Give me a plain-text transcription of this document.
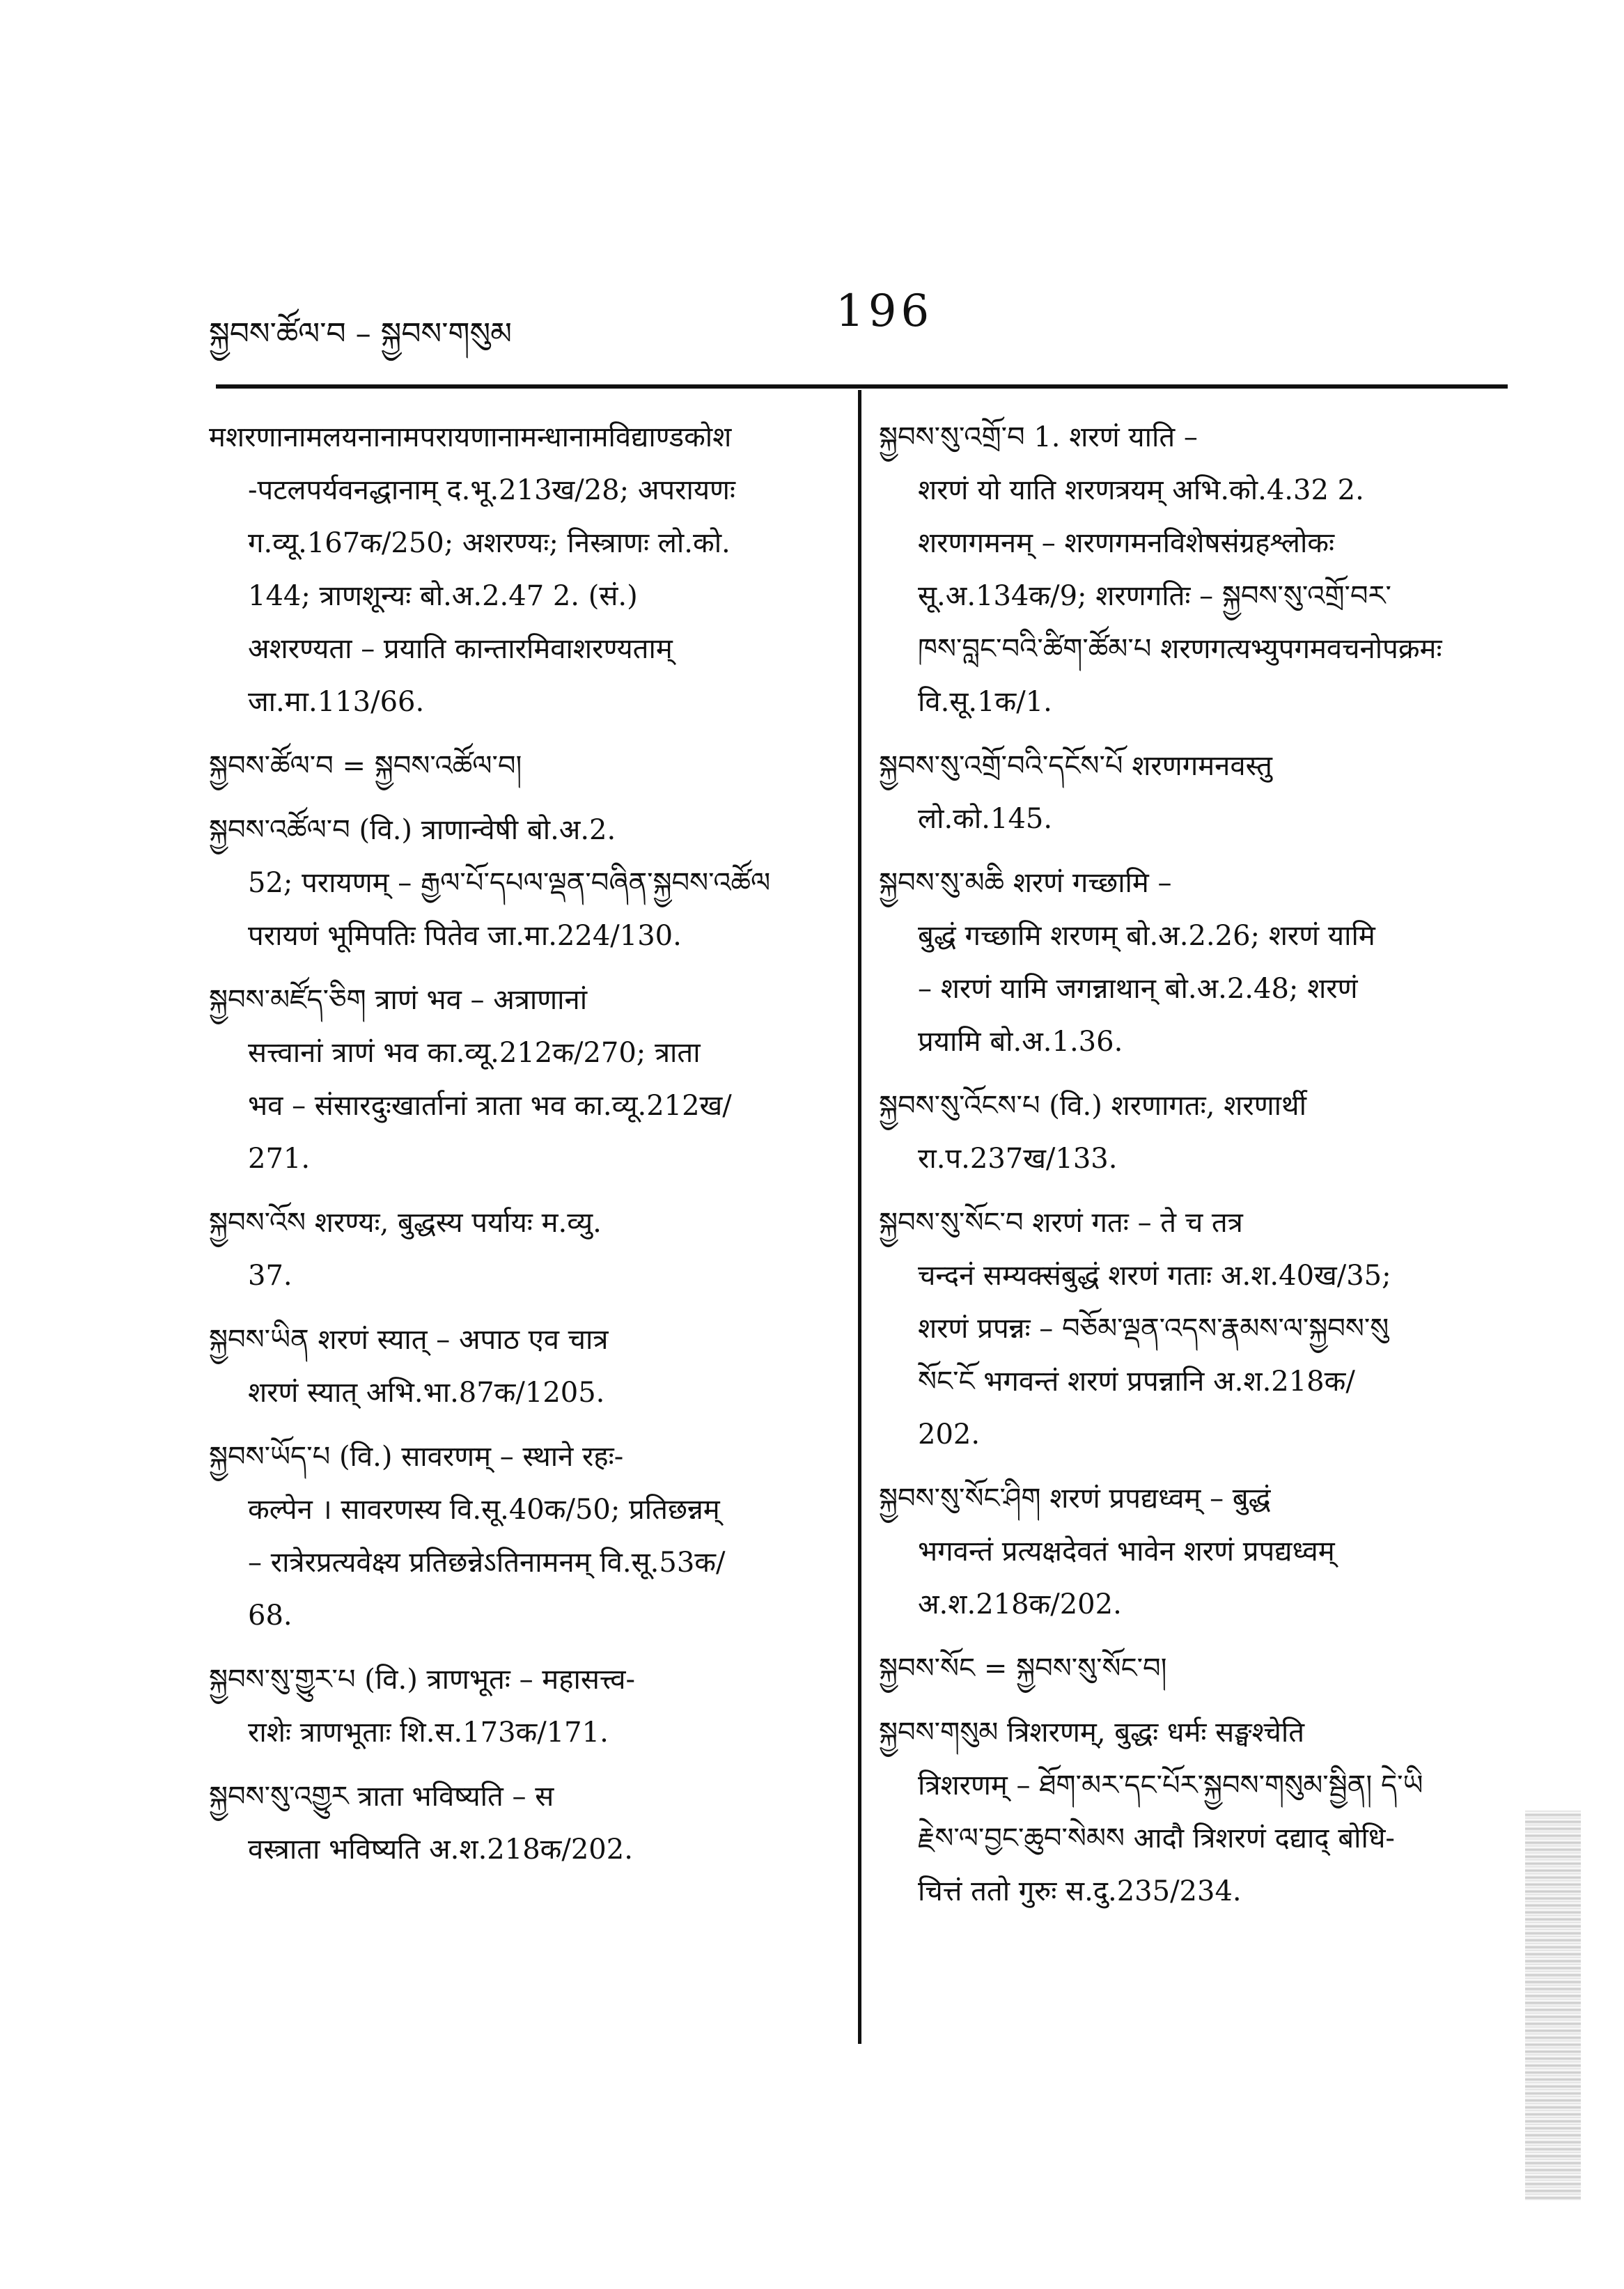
སྐྱབས་ཚོལ་བ – སྐྱབས་གསུམ	196
मशरणानामलयनानामपरायणानामन्धानामविद्याण्डकोश
-पटलपर्यवनद्धानाम् द.भू.213ख/28; अपरायणः
ग.व्यू.167क/250; अशरण्यः; निस्त्राणः लो.को.
144; त्राणशून्यः बो.अ.2.47 2. (सं.)
अशरण्यता – प्रयाति कान्तारमिवाशरण्यताम्
जा.मा.113/66.
སྐྱབས་ཚོལ་བ = སྐྱབས་འཚོལ་བ།
སྐྱབས་འཚོལ་བ (वि.) त्राणान्वेषी बो.अ.2.
52; परायणम् – རྒྱལ་པོ་དཔལ་ལྡན་བཞིན་སྐྱབས་འཚོལ
परायणं भूमिपतिः पितेव जा.मा.224/130.
སྐྱབས་མཛོད་ཅིག त्राणं भव – अत्राणानां
सत्त्वानां त्राणं भव का.व्यू.212क/270; त्राता
भव – संसारदुःखार्तानां त्राता भव का.व्यू.212ख/
271.
སྐྱབས་འོས शरण्यः, बुद्धस्य पर्यायः म.व्यु.
37.
སྐྱབས་ཡིན शरणं स्यात् – अपाठ एव चात्र
शरणं स्यात् अभि.भा.87क/1205.
སྐྱབས་ཡོད་པ (वि.) सावरणम् – स्थाने रहः-
कल्पेन । सावरणस्य वि.सू.40क/50; प्रतिछन्नम्
– रात्रेरप्रत्यवेक्ष्य प्रतिछन्नेऽतिनामनम् वि.सू.53क/
68.
སྐྱབས་སུ་གྱུར་པ (वि.) त्राणभूतः – महासत्त्व-
राशेः त्राणभूताः शि.स.173क/171.
སྐྱབས་སུ་འགྱུར त्राता भविष्यति – स
वस्त्राता भविष्यति अ.श.218क/202.
སྐྱབས་སུ་འགྲོ་བ 1. शरणं याति –
शरणं यो याति शरणत्रयम् अभि.को.4.32 2.
शरणगमनम् – शरणगमनविशेषसंग्रहश्लोकः
सू.अ.134क/9; शरणगतिः – སྐྱབས་སུ་འགྲོ་བར་
ཁས་བླང་བའི་ཚིག་ཚོམ་པ शरणगत्यभ्युपगमवचनोपक्रमः
वि.सू.1क/1.
སྐྱབས་སུ་འགྲོ་བའི་དངོས་པོ शरणगमनवस्तु
लो.को.145.
སྐྱབས་སུ་མཆི शरणं गच्छामि –
बुद्धं गच्छामि शरणम् बो.अ.2.26; शरणं यामि
– शरणं यामि जगन्नाथान् बो.अ.2.48; शरणं
प्रयामि बो.अ.1.36.
སྐྱབས་སུ་འོངས་པ (वि.) शरणागतः, शरणार्थी
रा.प.237ख/133.
སྐྱབས་སུ་སོང་བ शरणं गतः – ते च तत्र
चन्दनं सम्यक्संबुद्धं शरणं गताः अ.श.40ख/35;
शरणं प्रपन्नः – བཅོམ་ལྡན་འདས་རྣམས་ལ་སྐྱབས་སུ
སོང་ངོ भगवन्तं शरणं प्रपन्नानि अ.श.218क/
202.
སྐྱབས་སུ་སོང་ཤིག शरणं प्रपद्यध्वम् – बुद्धं
भगवन्तं प्रत्यक्षदेवतं भावेन शरणं प्रपद्यध्वम्
अ.श.218क/202.
སྐྱབས་སོང = སྐྱབས་སུ་སོང་བ།
སྐྱབས་གསུམ त्रिशरणम्, बुद्धः धर्मः सङ्घश्चेति
त्रिशरणम् – ཐོག་མར་དང་པོར་སྐྱབས་གསུམ་སྦྱིན། དེ་ཡི
རྗེས་ལ་བྱང་ཆུབ་སེམས आदौ त्रिशरणं दद्याद् बोधि-
चित्तं ततो गुरुः स.दु.235/234.
